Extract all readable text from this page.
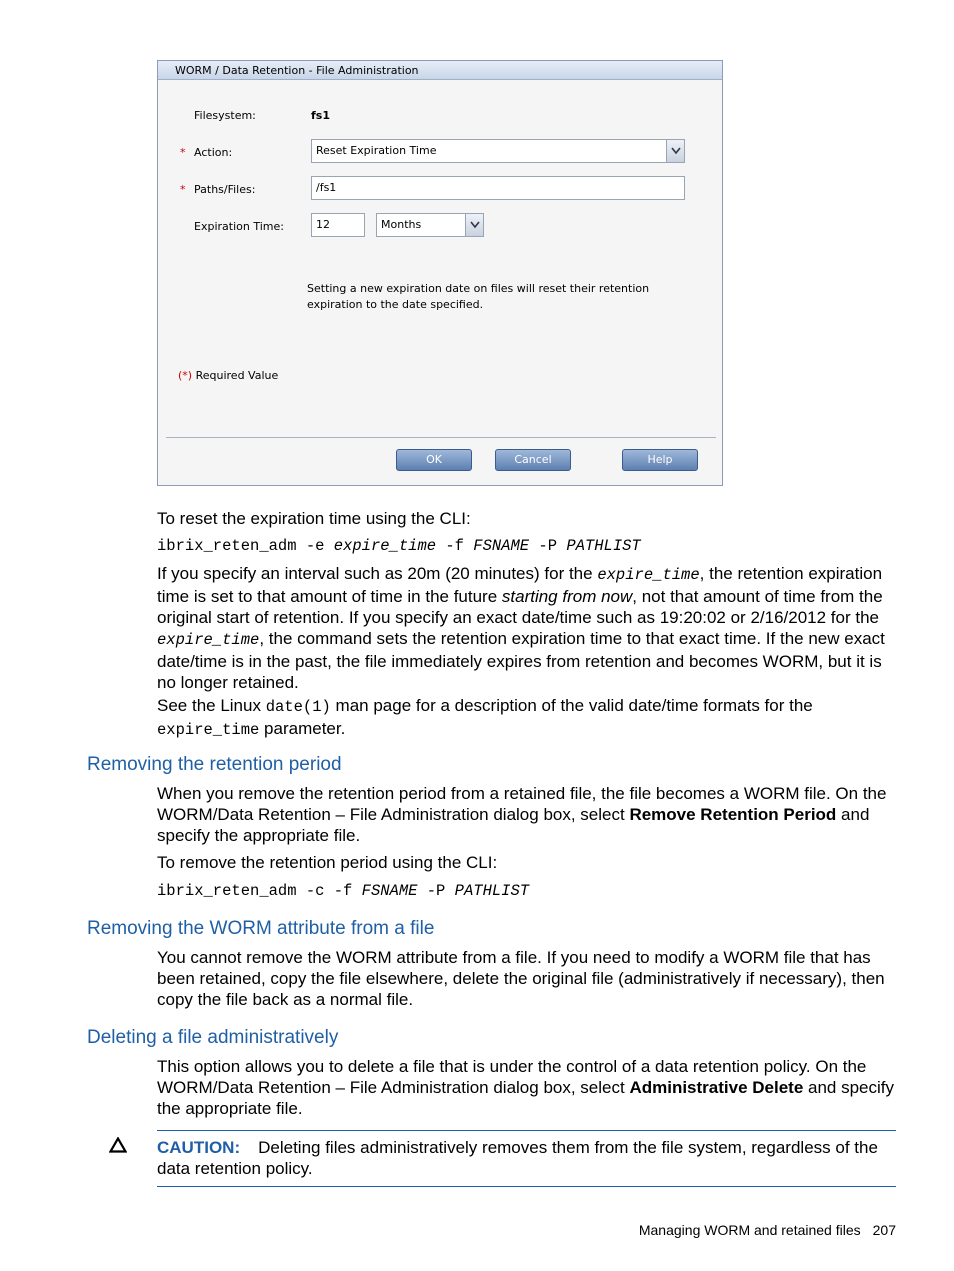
WORM / Data Retention - File Administration
Filesystem:	fs1
* Action:	Reset Expiration Time
* Paths/Files:	/fs1
Expiration Time:	12	Months
Setting a new expiration date on files will reset their retention expiration to the date specified.
(*) Required Value
OK	Cancel	Help
To reset the expiration time using the CLI:
ibrix_reten_adm -e expire_time -f FSNAME -P PATHLIST
If you specify an interval such as 20m (20 minutes) for the expire_time, the retention expiration time is set to that amount of time in the future starting from now, not that amount of time from the original start of retention. If you specify an exact date/time such as 19:20:02 or 2/16/2012 for the expire_time, the command sets the retention expiration time to that exact time. If the new exact date/time is in the past, the file immediately expires from retention and becomes WORM, but it is no longer retained.
See the Linux date(1) man page for a description of the valid date/time formats for the expire_time parameter.
Removing the retention period
When you remove the retention period from a retained file, the file becomes a WORM file. On the WORM/Data Retention – File Administration dialog box, select Remove Retention Period and specify the appropriate file.
To remove the retention period using the CLI:
ibrix_reten_adm -c -f FSNAME -P PATHLIST
Removing the WORM attribute from a file
You cannot remove the WORM attribute from a file. If you need to modify a WORM file that has been retained, copy the file elsewhere, delete the original file (administratively if necessary), then copy the file back as a normal file.
Deleting a file administratively
This option allows you to delete a file that is under the control of a data retention policy. On the WORM/Data Retention – File Administration dialog box, select Administrative Delete and specify the appropriate file.
CAUTION: Deleting files administratively removes them from the file system, regardless of the data retention policy.
Managing WORM and retained files 207
